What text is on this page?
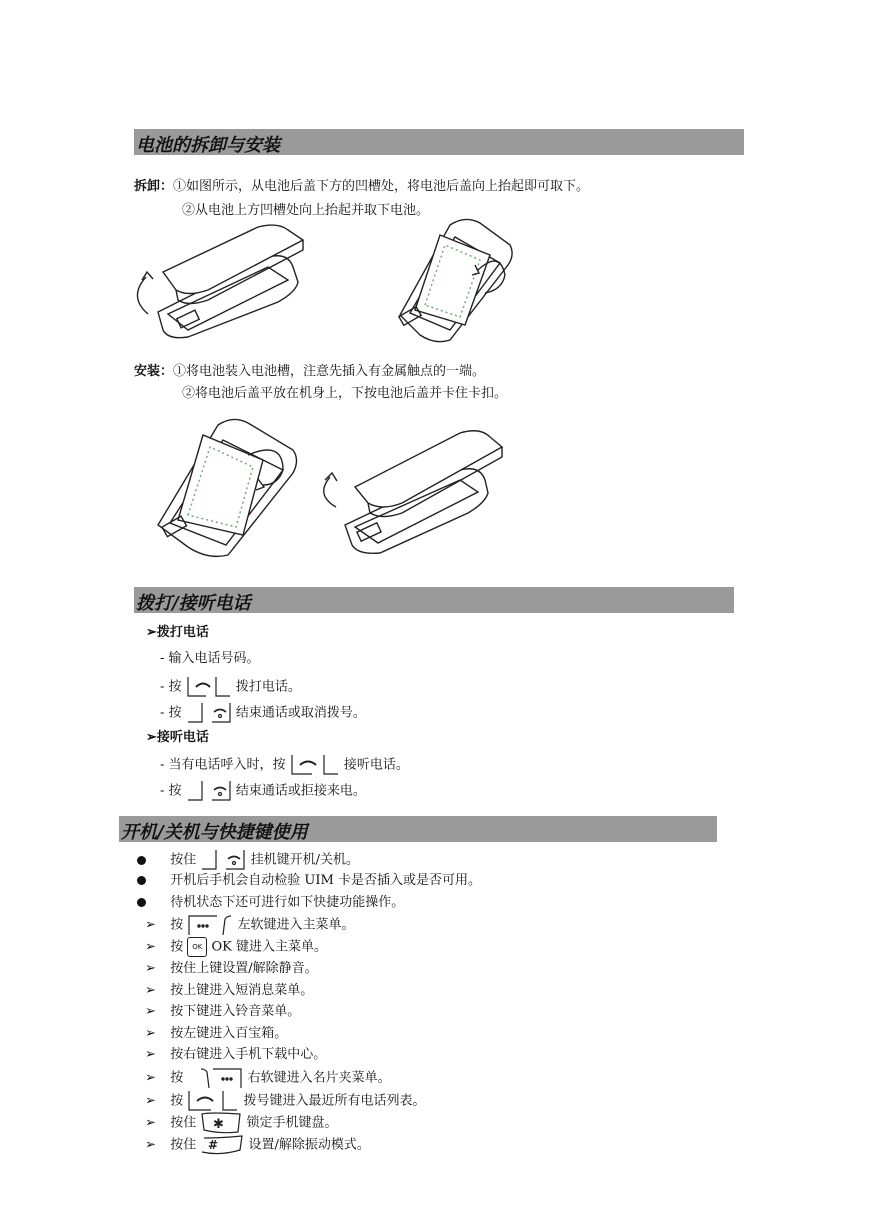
电池的拆卸与安装
拆卸：①如图所示，从电池后盖下方的凹槽处，将电池后盖向上抬起即可取下。
②从电池上方凹槽处向上抬起并取下电池。
安装：①将电池装入电池槽，注意先插入有金属触点的一端。
②将电池后盖平放在机身上，下按电池后盖并卡住卡扣。
拨打/接听电话
➢拨打电话
- 输入电话号码。
- 按	拨打电话。
- 按	结束通话或取消拨号。
➢接听电话
- 当有电话呼入时，按	接听电话。
- 按	结束通话或拒接来电。
开机/关机与快捷键使用
按住	挂机键开机/关机。
开机后手机会自动检验 UIM 卡是否插入或是否可用。
待机状态下还可进行如下快捷功能操作。
➢ 按	左软键进入主菜单。
➢ 按 OK OK 键进入主菜单。
➢ 按住上键设置/解除静音。
➢ 按上键进入短消息菜单。
➢ 按下键进入铃音菜单。
➢ 按左键进入百宝箱。
➢ 按右键进入手机下载中心。
➢ 按	右软键进入名片夹菜单。
➢ 按	拨号键进入最近所有电话列表。
➢ 按住 ✱ 锁定手机键盘。
➢ 按住 # 设置/解除振动模式。
